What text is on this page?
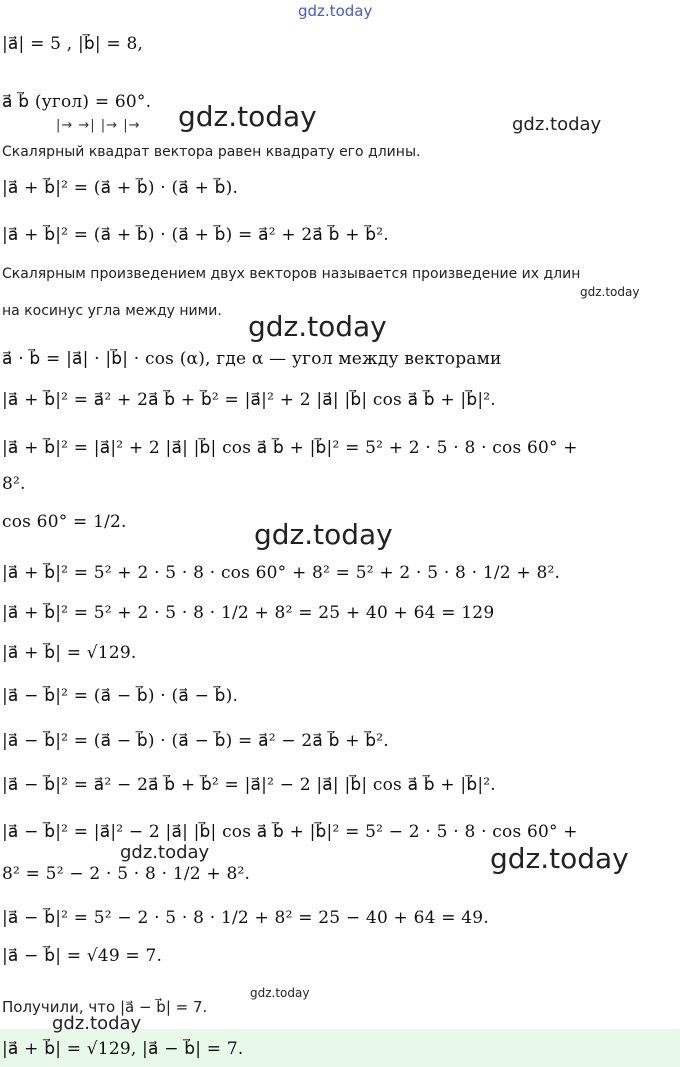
gdz.today
gdz.today	gdz.today
gdz.today
gdz.today
gdz.today
gdz.today	gdz.today
gdz.today
gdz.today
|→ →| |→ |→
|a⃗| = 5 , |b⃗| = 8,
a⃗ b⃗ (угол) = 60°.
Скалярный квадрат вектора равен квадрату его длины.
|a⃗ + b⃗|² = (a⃗ + b⃗) · (a⃗ + b⃗).
|a⃗ + b⃗|² = (a⃗ + b⃗) · (a⃗ + b⃗) = a⃗² + 2a⃗ b⃗ + b⃗².
Скалярным произведением двух векторов называется произведение их длин
на косинус угла между ними.
a⃗ · b⃗ = |a⃗| · |b⃗| · cos (α), где α — угол между векторами
|a⃗ + b⃗|² = a⃗² + 2a⃗ b⃗ + b⃗² = |a⃗|² + 2 |a⃗| |b⃗| cos a⃗ b⃗ + |b⃗|².
|a⃗ + b⃗|² = |a⃗|² + 2 |a⃗| |b⃗| cos a⃗ b⃗ + |b⃗|² = 5² + 2 · 5 · 8 · cos 60° +
8².
cos 60° = 1/2.
|a⃗ + b⃗|² = 5² + 2 · 5 · 8 · cos 60° + 8² = 5² + 2 · 5 · 8 · 1/2 + 8².
|a⃗ + b⃗|² = 5² + 2 · 5 · 8 · 1/2 + 8² = 25 + 40 + 64 = 129
|a⃗ + b⃗| = √129.
|a⃗ − b⃗|² = (a⃗ − b⃗) · (a⃗ − b⃗).
|a⃗ − b⃗|² = (a⃗ − b⃗) · (a⃗ − b⃗) = a⃗² − 2a⃗ b⃗ + b⃗².
|a⃗ − b⃗|² = a⃗² − 2a⃗ b⃗ + b⃗² = |a⃗|² − 2 |a⃗| |b⃗| cos a⃗ b⃗ + |b⃗|².
|a⃗ − b⃗|² = |a⃗|² − 2 |a⃗| |b⃗| cos a⃗ b⃗ + |b⃗|² = 5² − 2 · 5 · 8 · cos 60° +
8² = 5² − 2 · 5 · 8 · 1/2 + 8².
|a⃗ − b⃗|² = 5² − 2 · 5 · 8 · 1/2 + 8² = 25 − 40 + 64 = 49.
|a⃗ − b⃗| = √49 = 7.
Получили, что |a⃗ − b⃗| = 7.
|a⃗ + b⃗| = √129, |a⃗ − b⃗| = 7.
